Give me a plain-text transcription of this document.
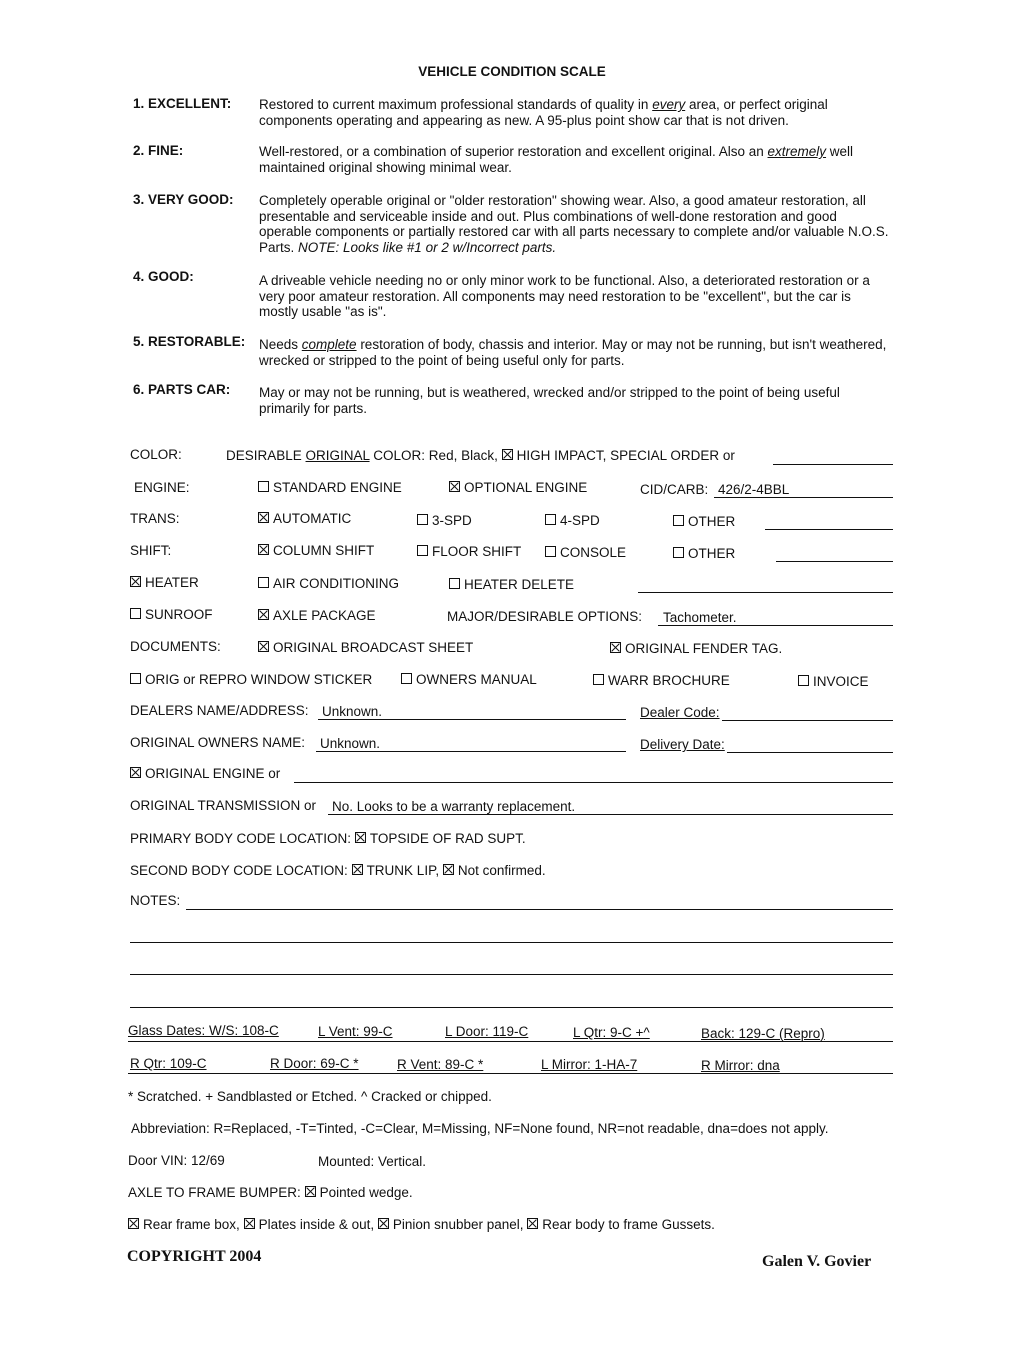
VEHICLE CONDITION SCALE
1. EXCELLENT: Restored to current maximum professional standards of quality in every area, or perfect original components operating and appearing as new. A 95-plus point show car that is not driven.
2. FINE:	Well-restored, or a combination of superior restoration and excellent original. Also an extremely well maintained original showing minimal wear.
3. VERY GOOD: Completely operable original or "older restoration" showing wear. Also, a good amateur restoration, all presentable and serviceable inside and out. Plus combinations of well-done restoration and good operable components or partially restored car with all parts necessary to complete and/or valuable N.O.S. Parts. NOTE: Looks like #1 or 2 w/Incorrect parts.
4. GOOD:	A driveable vehicle needing no or only minor work to be functional. Also, a deteriorated restoration or a very poor amateur restoration. All components may need restoration to be "excellent", but the car is mostly usable "as is".
5. RESTORABLE: Needs complete restoration of body, chassis and interior. May or may not be running, but isn't weathered, wrecked or stripped to the point of being useful only for parts.
6. PARTS CAR: May or may not be running, but is weathered, wrecked and/or stripped to the point of being useful primarily for parts.
COLOR:	DESIRABLE ORIGINAL COLOR: Red, Black, HIGH IMPACT, SPECIAL ORDER or
ENGINE:	STANDARD ENGINE	OPTIONAL ENGINE	CID/CARB: 426/2-4BBL
TRANS:	AUTOMATIC	3-SPD	4-SPD	OTHER
SHIFT:	COLUMN SHIFT	FLOOR SHIFT	CONSOLE	OTHER
HEATER	AIR CONDITIONING	HEATER DELETE
SUNROOF	AXLE PACKAGE	MAJOR/DESIRABLE OPTIONS: Tachometer.
DOCUMENTS:	ORIGINAL BROADCAST SHEET	ORIGINAL FENDER TAG.
ORIG or REPRO WINDOW STICKER	OWNERS MANUAL	WARR BROCHURE	INVOICE
DEALERS NAME/ADDRESS: Unknown.	Dealer Code:
ORIGINAL OWNERS NAME: Unknown.	Delivery Date:
ORIGINAL ENGINE or
ORIGINAL TRANSMISSION or No. Looks to be a warranty replacement.
PRIMARY BODY CODE LOCATION: TOPSIDE OF RAD SUPT.
SECOND BODY CODE LOCATION: TRUNK LIP, Not confirmed.
NOTES:
Glass Dates: W/S: 108-C	L Vent: 99-C	L Door: 119-C	L Qtr: 9-C +^	Back: 129-C (Repro)
R Qtr: 109-C	R Door: 69-C *	R Vent: 89-C *	L Mirror: 1-HA-7	R Mirror: dna
* Scratched. + Sandblasted or Etched. ^ Cracked or chipped.
Abbreviation: R=Replaced, -T=Tinted, -C=Clear, M=Missing, NF=None found, NR=not readable, dna=does not apply.
Door VIN: 12/69	Mounted: Vertical.
AXLE TO FRAME BUMPER: Pointed wedge.
Rear frame box, Plates inside & out, Pinion snubber panel, Rear body to frame Gussets.
COPYRIGHT 2004	Galen V. Govier
